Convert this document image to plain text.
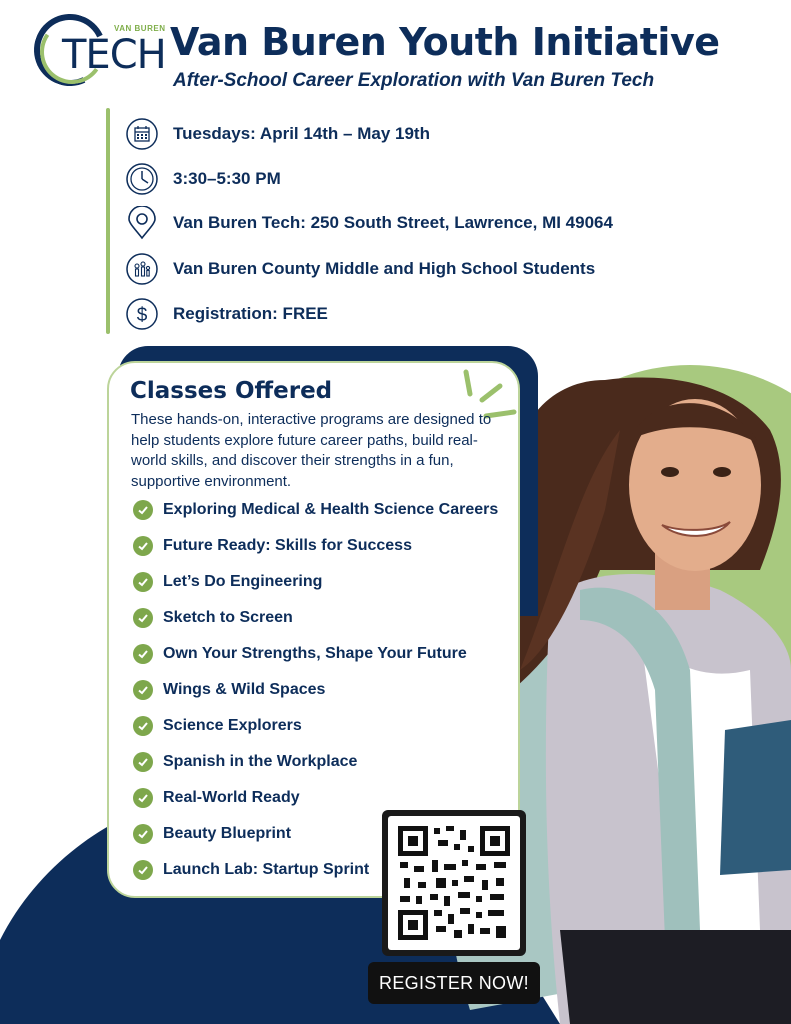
VAN BUREN
TECH Van Buren Youth Initiative
After-School Career Exploration with Van Buren Tech
Tuesdays: April 14th – May 19th
3:30–5:30 PM
Van Buren Tech: 250 South Street, Lawrence, MI 49064
Van Buren County Middle and High School Students
$ Registration: FREE
Classes Offered
These hands-on, interactive programs are designed to help students explore future career paths, build real-world skills, and discover their strengths in a fun, supportive environment.
Exploring Medical & Health Science Careers
Future Ready: Skills for Success
Let’s Do Engineering
Sketch to Screen
Own Your Strengths, Shape Your Future
Wings & Wild Spaces
Science Explorers
Spanish in the Workplace
Real-World Ready
Beauty Blueprint
Launch Lab: Startup Sprint
REGISTER NOW!
